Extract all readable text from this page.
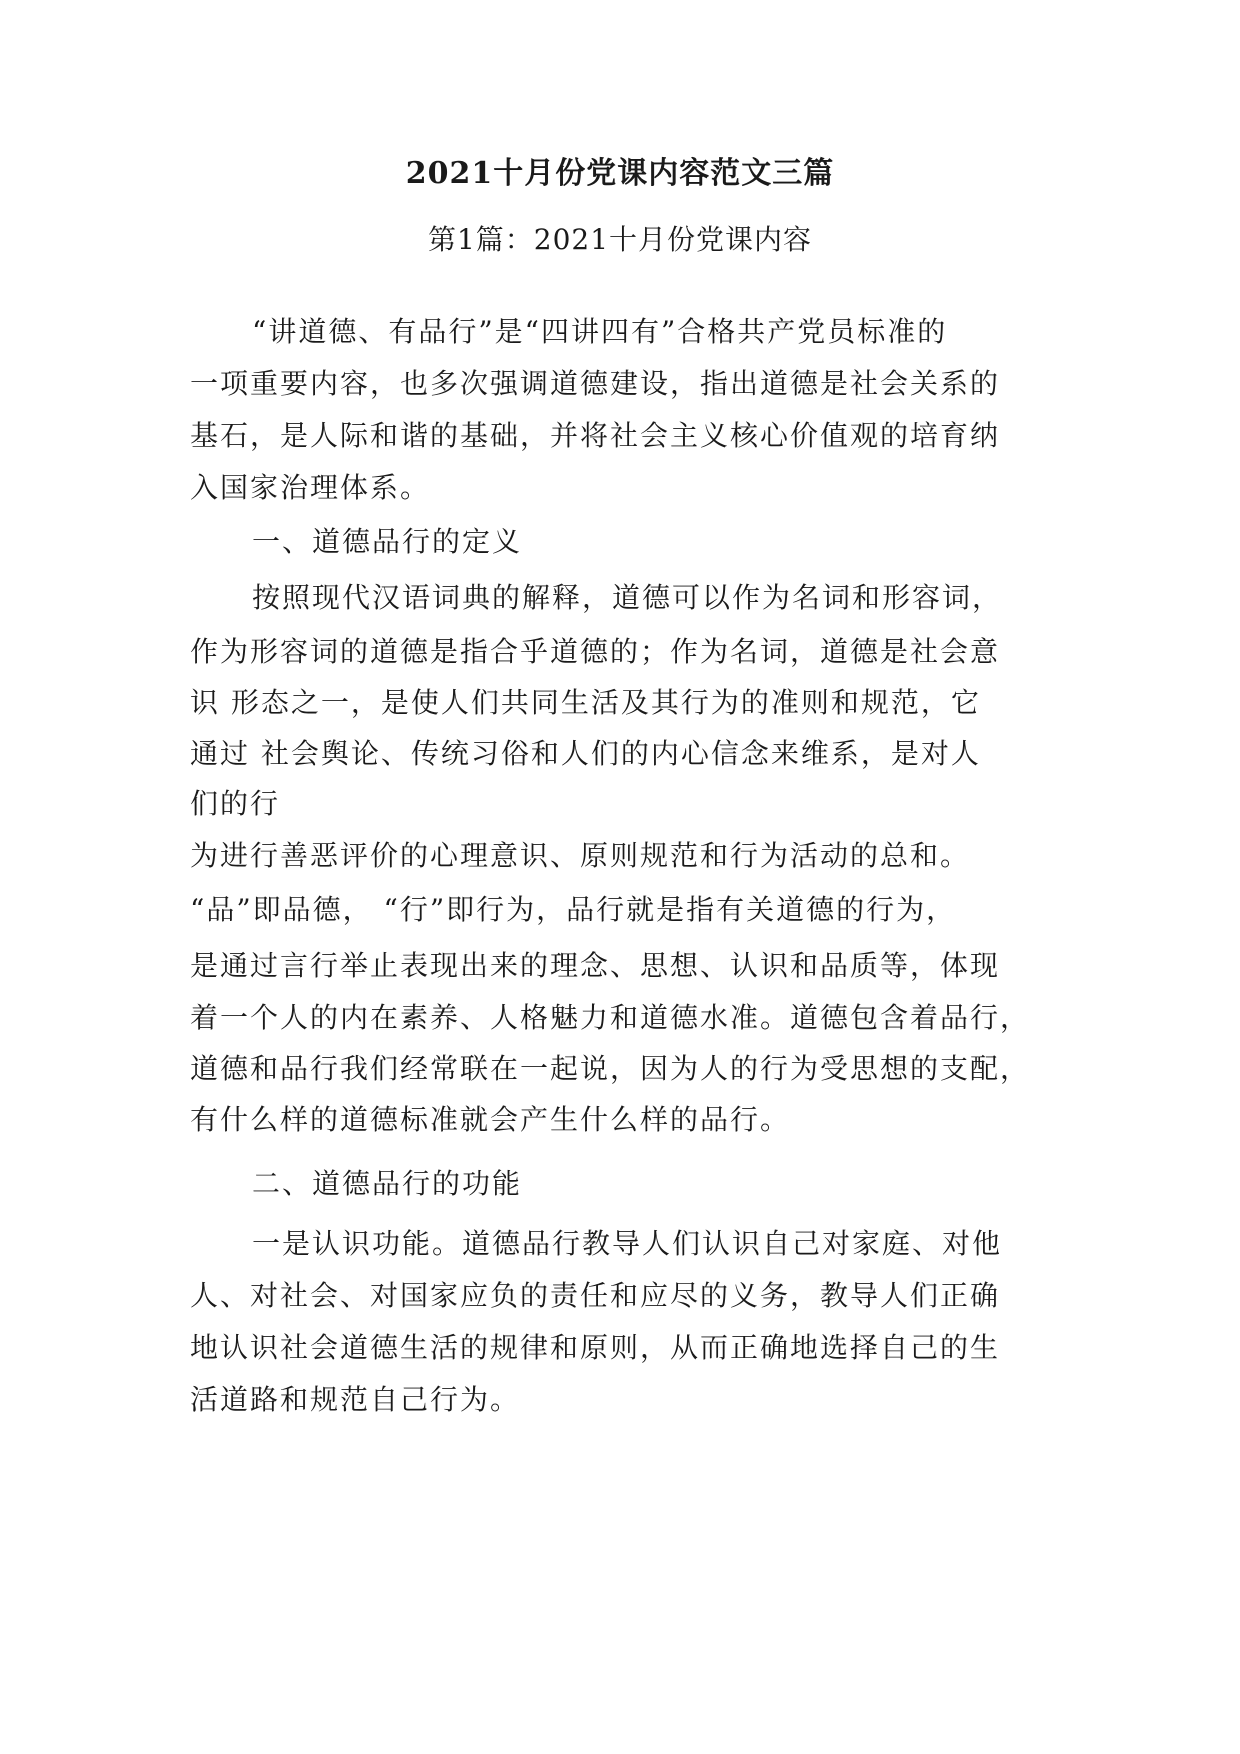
2021十月份党课内容范文三篇
第1篇：2021十月份党课内容
“讲道德、有品行”是“四讲四有”合格共产党员标准的
一项重要内容，也多次强调道德建设，指出道德是社会关系的
基石，是人际和谐的基础，并将社会主义核心价值观的培育纳
入国家治理体系。
一、道德品行的定义
按照现代汉语词典的解释，道德可以作为名词和形容词，
作为形容词的道德是指合乎道德的；作为名词，道德是社会意
识 形态之一，是使人们共同生活及其行为的准则和规范，它
通过 社会舆论、传统习俗和人们的内心信念来维系，是对人
们的行
为进行善恶评价的心理意识、原则规范和行为活动的总和。
“品”即品德， “行”即行为，品行就是指有关道德的行为，
是通过言行举止表现出来的理念、思想、认识和品质等，体现
着一个人的内在素养、人格魅力和道德水准。道德包含着品行，
道德和品行我们经常联在一起说，因为人的行为受思想的支配，
有什么样的道德标准就会产生什么样的品行。
二、道德品行的功能
一是认识功能。道德品行教导人们认识自己对家庭、对他
人、对社会、对国家应负的责任和应尽的义务，教导人们正确
地认识社会道德生活的规律和原则，从而正确地选择自己的生
活道路和规范自己行为。
